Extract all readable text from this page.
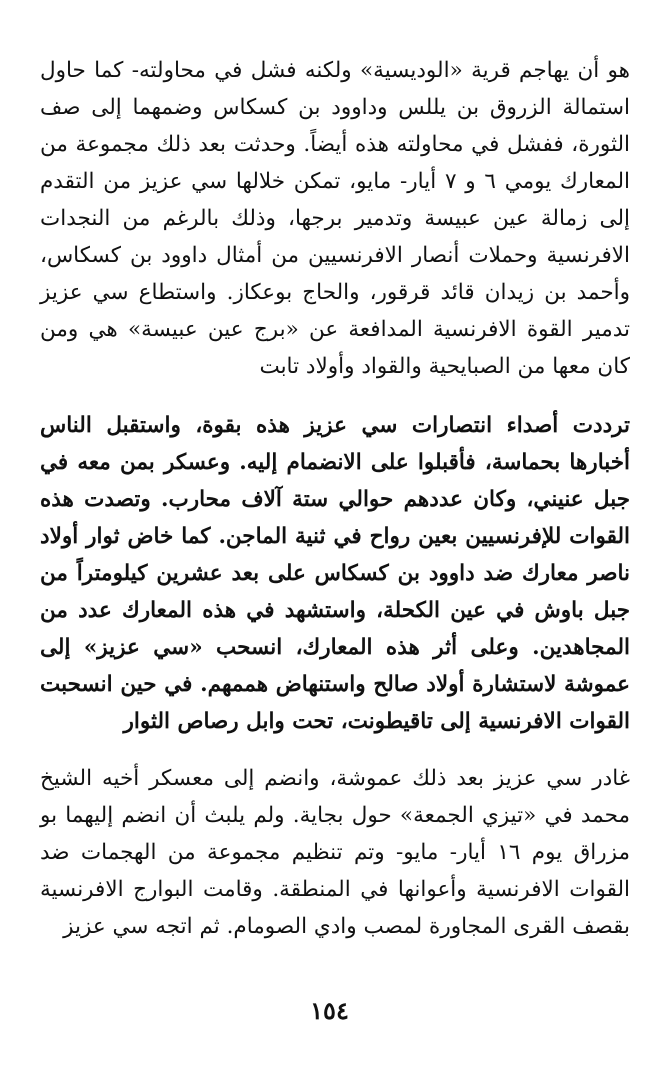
هو أن يهاجم قرية «الوديسية» ولكنه فشل في محاولته- كما حاول استمالة الزروق بن يللس وداوود بن كسكاس وضمهما إلى صف الثورة، ففشل في محاولته هذه أيضاً. وحدثت بعد ذلك مجموعة من المعارك يومي ٦ و ٧ أيار- مايو، تمكن خلالها سي عزيز من التقدم إلى زمالة عين عبيسة وتدمير برجها، وذلك بالرغم من النجدات الافرنسية وحملات أنصار الافرنسيين من أمثال داوود بن كسكاس، وأحمد بن زيدان قائد قرقور، والحاج بوعكاز. واستطاع سي عزيز تدمير القوة الافرنسية المدافعة عن «برج عين عبيسة» هي ومن كان معها من الصبايحية والقواد وأولاد تابت

ترددت أصداء انتصارات سي عزيز هذه بقوة، واستقبل الناس أخبارها بحماسة، فأقبلوا على الانضمام إليه. وعسكر بمن معه في جبل عنيني، وكان عددهم حوالي ستة آلاف محارب. وتصدت هذه القوات للإفرنسيين بعين رواح في ثنية الماجن. كما خاض ثوار أولاد ناصر معارك ضد داوود بن كسكاس على بعد عشرين كيلومتراً من جبل باوش في عين الكحلة، واستشهد في هذه المعارك عدد من المجاهدين. وعلى أثر هذه المعارك، انسحب «سي عزيز» إلى عموشة لاستشارة أولاد صالح واستنهاض هممهم. في حين انسحبت القوات الافرنسية إلى تاقيطونت، تحت وابل رصاص الثوار

غادر سي عزيز بعد ذلك عموشة، وانضم إلى معسكر أخيه الشيخ محمد في «تيزي الجمعة» حول بجاية. ولم يلبث أن انضم إليهما بو مزراق يوم ١٦ أيار- مايو- وتم تنظيم مجموعة من الهجمات ضد القوات الافرنسية وأعوانها في المنطقة. وقامت البوارج الافرنسية بقصف القرى المجاورة لمصب وادي الصومام. ثم اتجه سي عزيز

١٥٤
